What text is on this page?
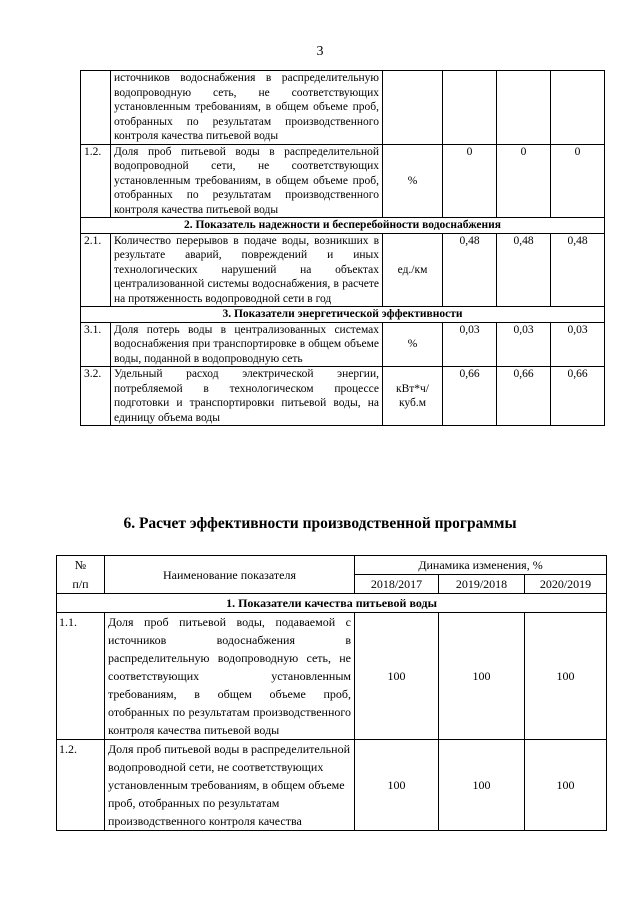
3
	источников водоснабжения в распределительную водопроводную сеть, не соответствующих установленным требованиям, в общем объеме проб, отобранных по результатам производственного контроля качества питьевой воды				
1.2.	Доля проб питьевой воды в распределительной водопроводной сети, не соответствующих установленным требованиям, в общем объеме проб, отобранных по результатам производственного контроля качества питьевой воды	%	0	0	0
2. Показатель надежности и бесперебойности водоснабжения					
2.1.	Количество перерывов в подаче воды, возникших в результате аварий, повреждений и иных технологических нарушений на объектах централизованной системы водоснабжения, в расчете на протяженность водопроводной сети в год	ед./км	0,48	0,48	0,48
3. Показатели энергетической эффективности					
3.1.	Доля потерь воды в централизованных системах водоснабжения при транспортировке в общем объеме воды, поданной в водопроводную сеть	%	0,03	0,03	0,03
3.2.	Удельный расход электрической энергии, потребляемой в технологическом процессе подготовки и транспортировки питьевой воды, на единицу объема воды	кВт*ч/куб.м	0,66	0,66	0,66
6. Расчет эффективности производственной программы
№	Наименование показателя	Динамика изменения, %		
п/п		2018/2017	2019/2018	2020/2019
1. Показатели качества питьевой воды				
1.1.	Доля проб питьевой воды, подаваемой с источников водоснабжения в распределительную водопроводную сеть, не соответствующих установленным требованиям, в общем объеме проб, отобранных по результатам производственного контроля качества питьевой воды	100	100	100
1.2.	Доля проб питьевой воды в распределительной водопроводной сети, не соответствующих установленным требованиям, в общем объеме проб, отобранных по результатам производственного контроля качества	100	100	100
